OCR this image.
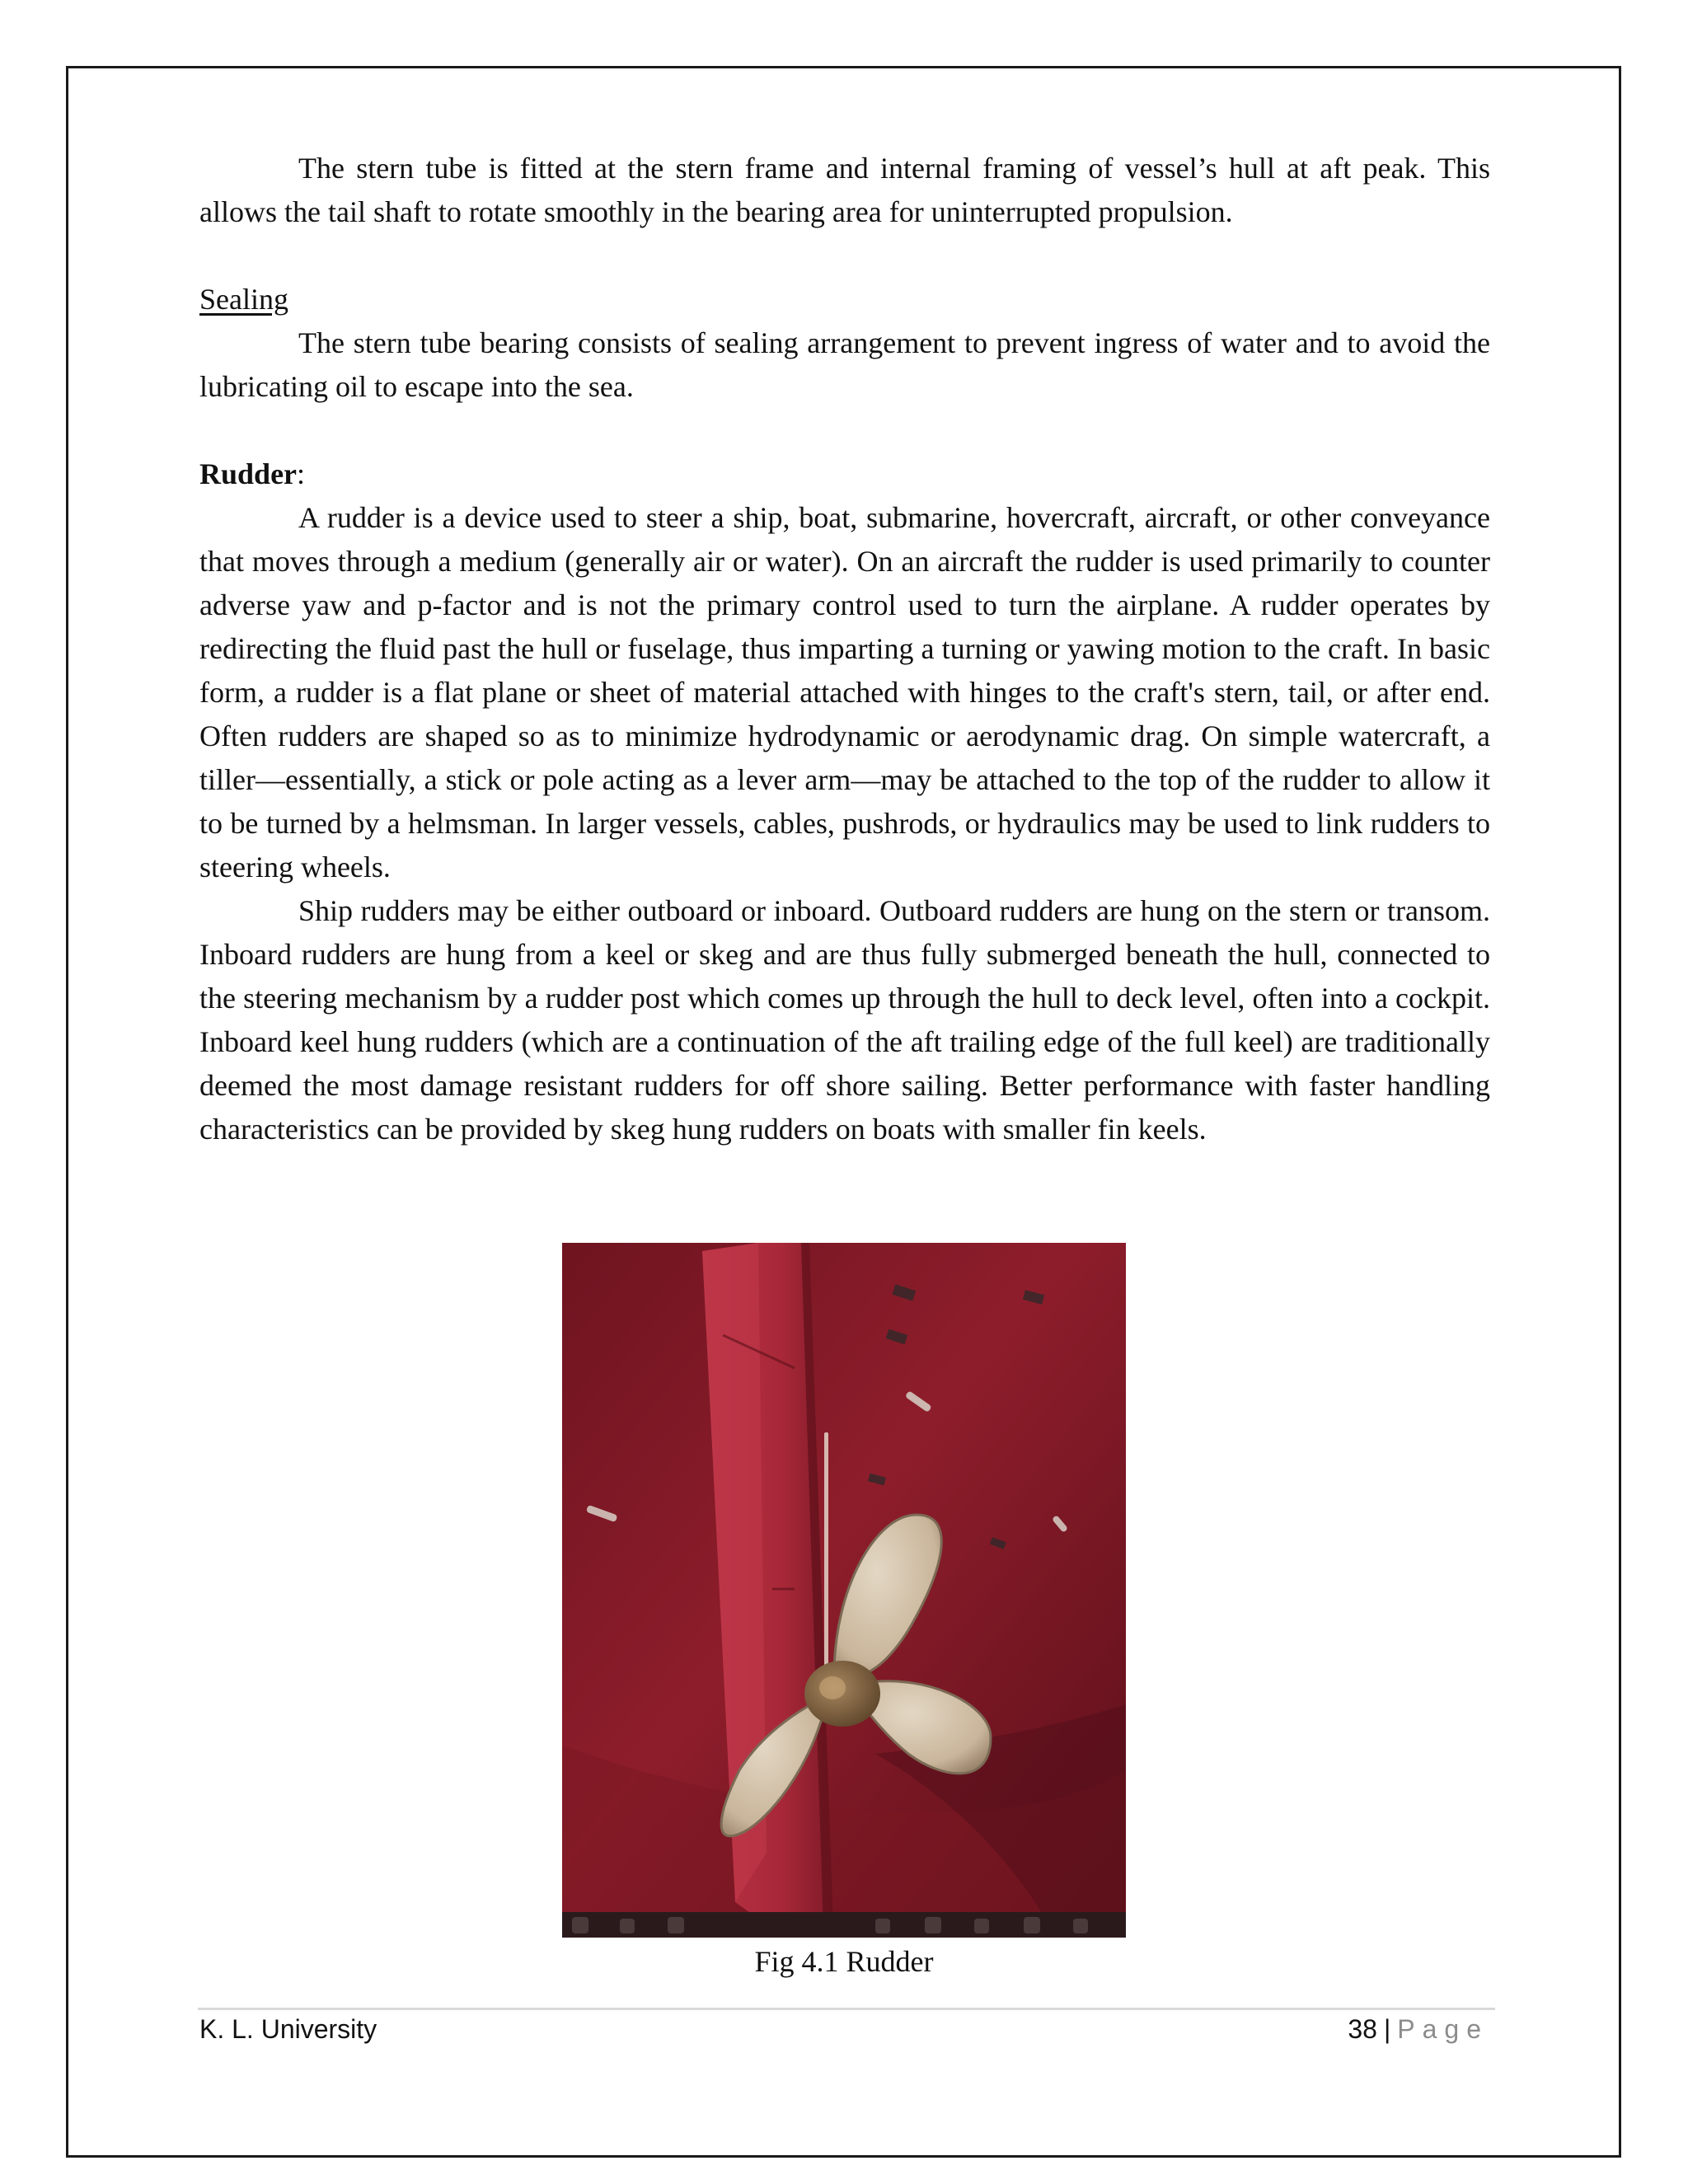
The stern tube is fitted at the stern frame and internal framing of vessel’s hull at aft peak. This allows the tail shaft to rotate smoothly in the bearing area for uninterrupted propulsion.

Sealing

The stern tube bearing consists of sealing arrangement to prevent ingress of water and to avoid the lubricating oil to escape into the sea.

Rudder:

A rudder is a device used to steer a ship, boat, submarine, hovercraft, aircraft, or other conveyance that moves through a medium (generally air or water). On an aircraft the rudder is used primarily to counter adverse yaw and p-factor and is not the primary control used to turn the airplane. A rudder operates by redirecting the fluid past the hull or fuselage, thus imparting a turning or yawing motion to the craft. In basic form, a rudder is a flat plane or sheet of material attached with hinges to the craft's stern, tail, or after end. Often rudders are shaped so as to minimize hydrodynamic or aerodynamic drag. On simple watercraft, a tiller—essentially, a stick or pole acting as a lever arm—may be attached to the top of the rudder to allow it to be turned by a helmsman. In larger vessels, cables, pushrods, or hydraulics may be used to link rudders to steering wheels.

Ship rudders may be either outboard or inboard. Outboard rudders are hung on the stern or transom. Inboard rudders are hung from a keel or skeg and are thus fully submerged beneath the hull, connected to the steering mechanism by a rudder post which comes up through the hull to deck level, often into a cockpit. Inboard keel hung rudders (which are a continuation of the aft trailing edge of the full keel) are traditionally deemed the most damage resistant rudders for off shore sailing. Better performance with faster handling characteristics can be provided by skeg hung rudders on boats with smaller fin keels.

Fig 4.1 Rudder
K. L. University	38 | Page
